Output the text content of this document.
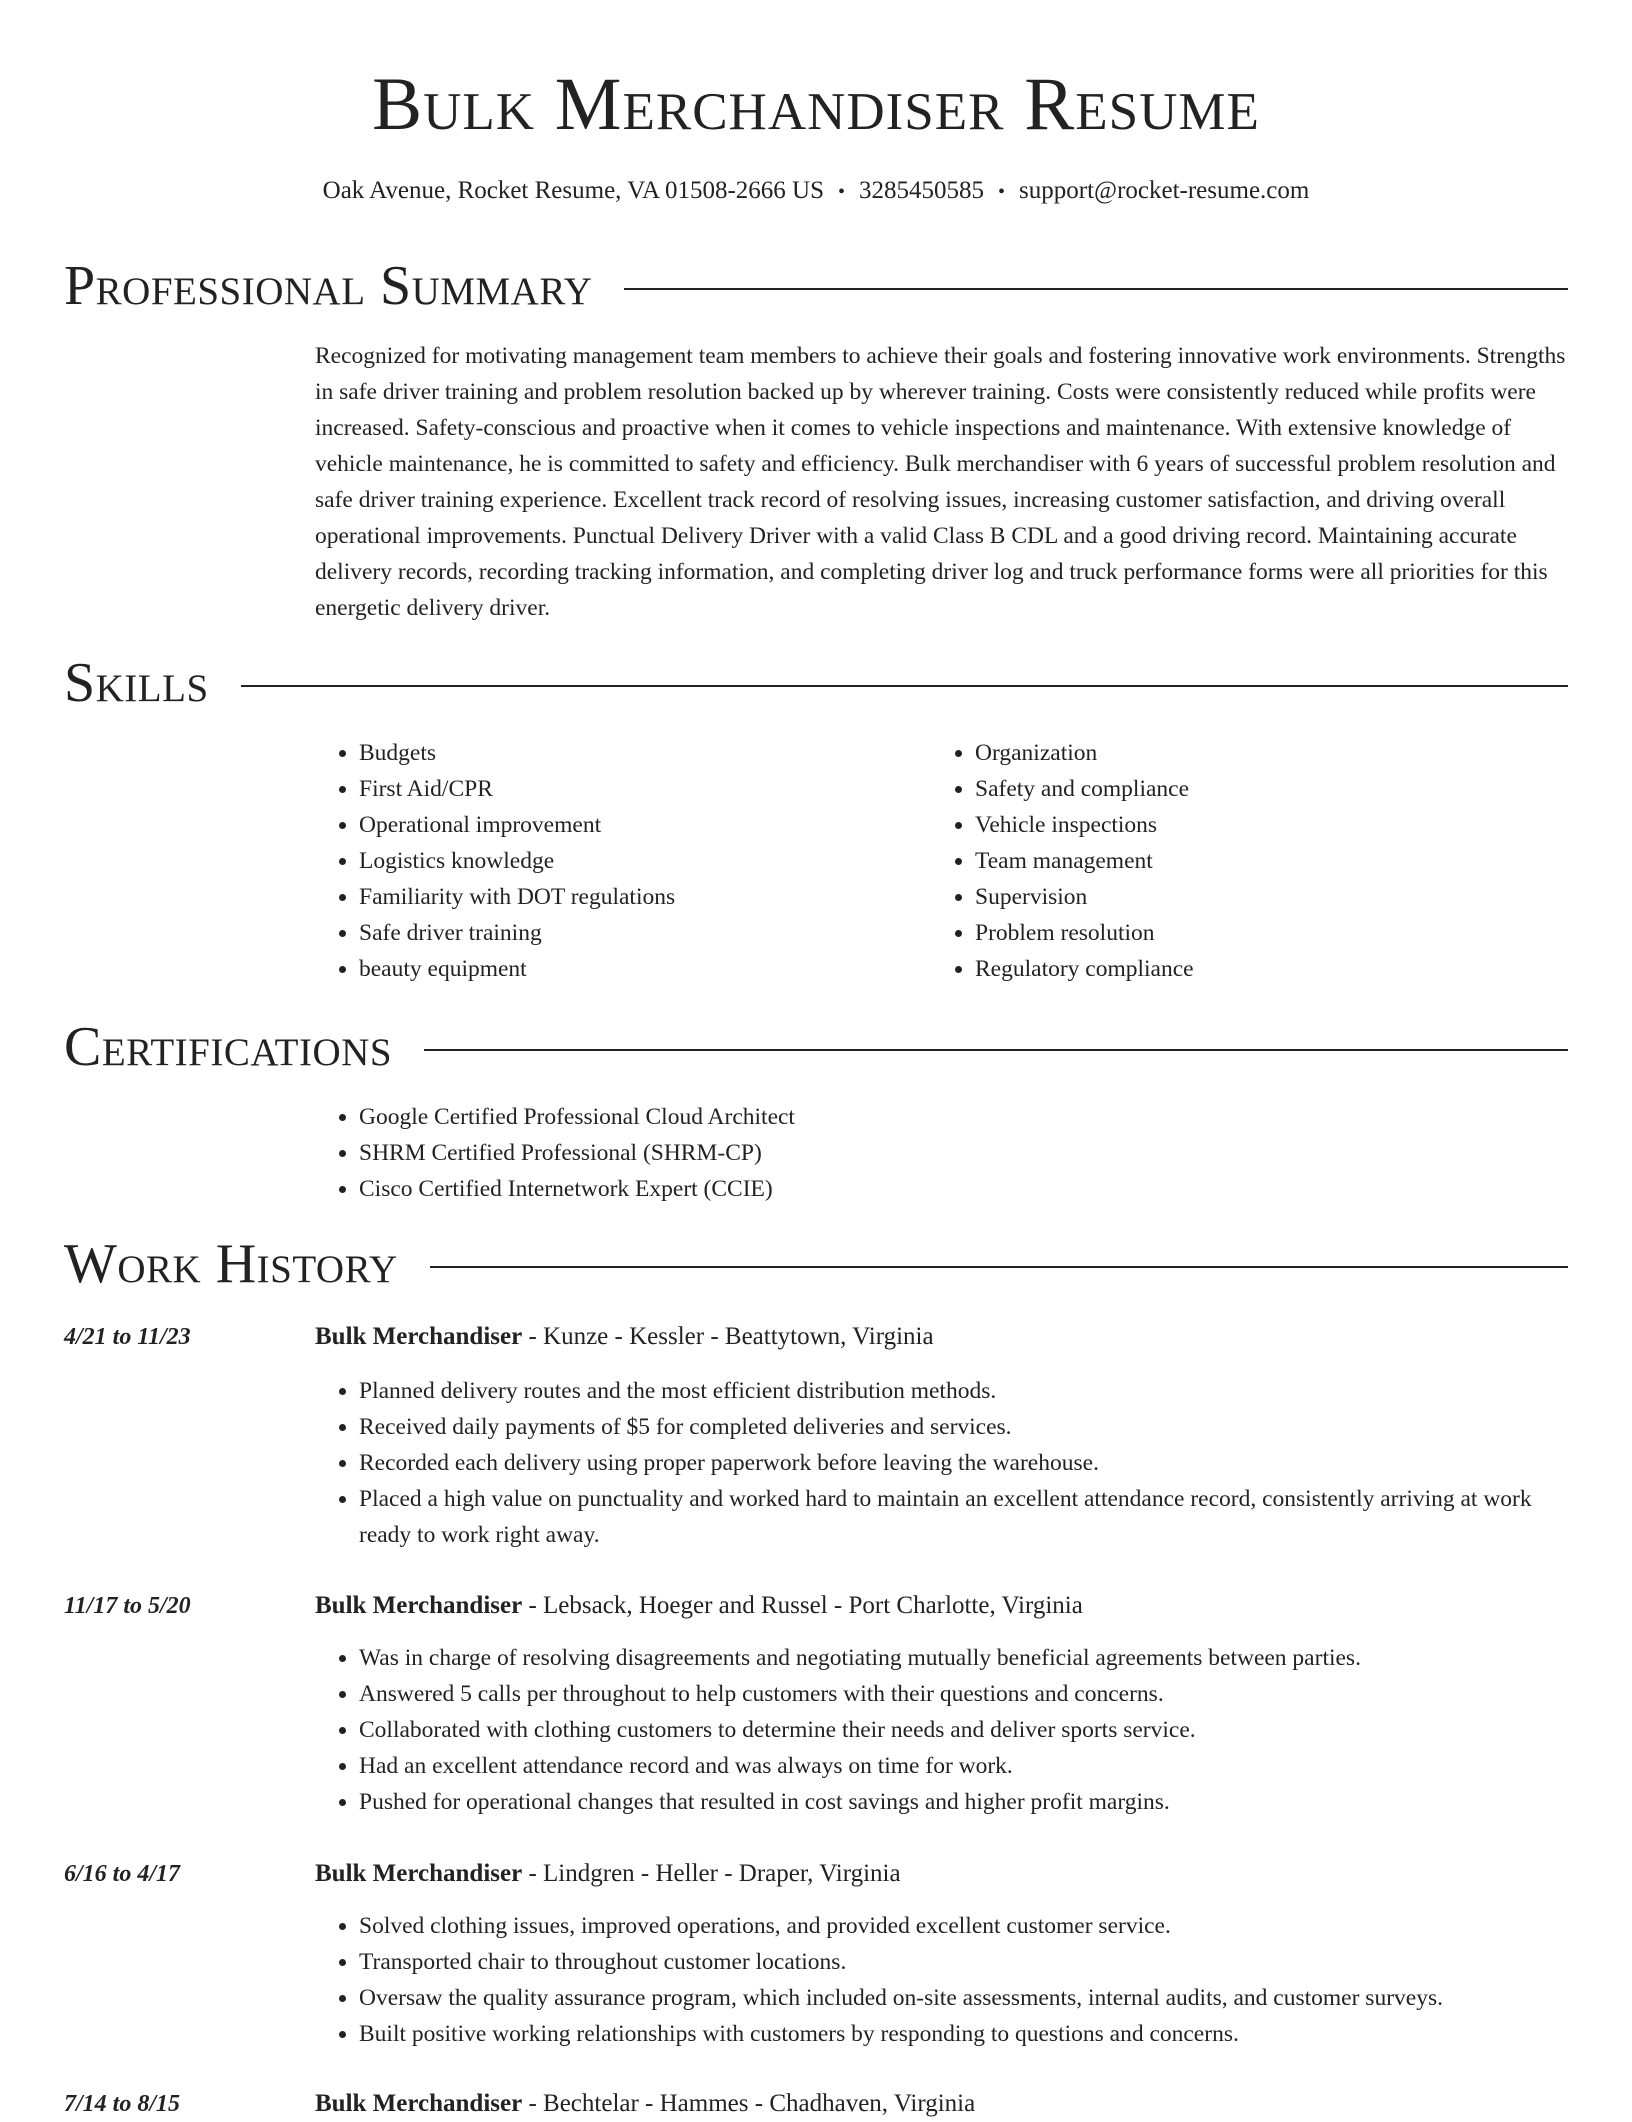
Bulk Merchandiser Resume
Oak Avenue, Rocket Resume, VA 01508-2666 US • 3285450585 • support@rocket-resume.com
Professional Summary

Recognized for motivating management team members to achieve their goals and fostering innovative work environments. Strengths in safe driver training and problem resolution backed up by wherever training. Costs were consistently reduced while profits were increased. Safety-conscious and proactive when it comes to vehicle inspections and maintenance. With extensive knowledge of vehicle maintenance, he is committed to safety and efficiency. Bulk merchandiser with 6 years of successful problem resolution and safe driver training experience. Excellent track record of resolving issues, increasing customer satisfaction, and driving overall operational improvements. Punctual Delivery Driver with a valid Class B CDL and a good driving record. Maintaining accurate delivery records, recording tracking information, and completing driver log and truck performance forms were all priorities for this energetic delivery driver.

Skills
• Budgets
• First Aid/CPR
• Operational improvement
• Logistics knowledge
• Familiarity with DOT regulations
• Safe driver training
• beauty equipment
• Organization
• Safety and compliance
• Vehicle inspections
• Team management
• Supervision
• Problem resolution
• Regulatory compliance
Certifications
• Google Certified Professional Cloud Architect
• SHRM Certified Professional (SHRM-CP)
• Cisco Certified Internetwork Expert (CCIE)
Work History
4/21 to 11/23	Bulk Merchandiser - Kunze - Kessler - Beattytown, Virginia
• Planned delivery routes and the most efficient distribution methods.
• Received daily payments of $5 for completed deliveries and services.
• Recorded each delivery using proper paperwork before leaving the warehouse.
• Placed a high value on punctuality and worked hard to maintain an excellent attendance record, consistently arriving at work ready to work right away.
11/17 to 5/20	Bulk Merchandiser - Lebsack, Hoeger and Russel - Port Charlotte, Virginia
• Was in charge of resolving disagreements and negotiating mutually beneficial agreements between parties.
• Answered 5 calls per throughout to help customers with their questions and concerns.
• Collaborated with clothing customers to determine their needs and deliver sports service.
• Had an excellent attendance record and was always on time for work.
• Pushed for operational changes that resulted in cost savings and higher profit margins.
6/16 to 4/17	Bulk Merchandiser - Lindgren - Heller - Draper, Virginia
• Solved clothing issues, improved operations, and provided excellent customer service.
• Transported chair to throughout customer locations.
• Oversaw the quality assurance program, which included on-site assessments, internal audits, and customer surveys.
• Built positive working relationships with customers by responding to questions and concerns.
7/14 to 8/15	Bulk Merchandiser - Bechtelar - Hammes - Chadhaven, Virginia
